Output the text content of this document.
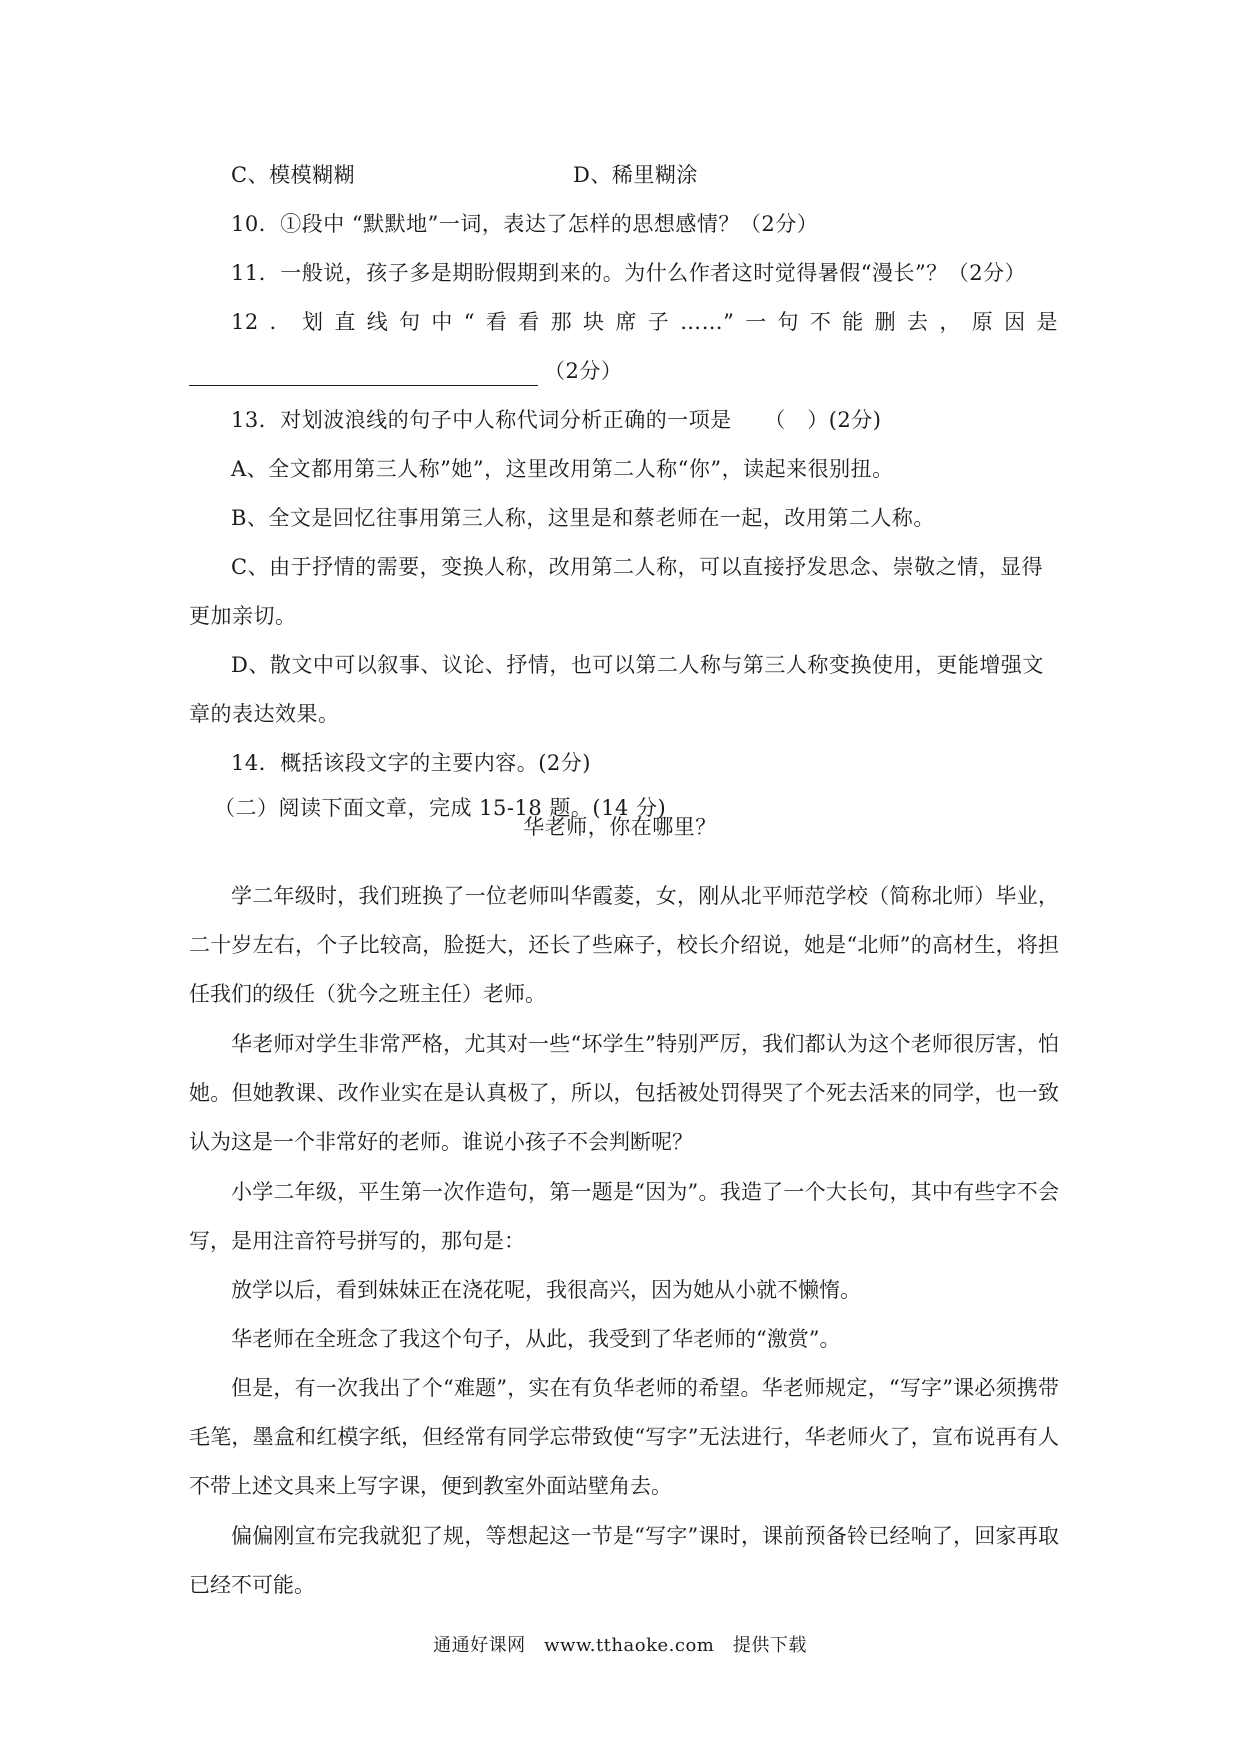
C、模模糊糊	D、稀里糊涂
10．①段中 “默默地”一词，表达了怎样的思想感情？（2分）
11．一般说，孩子多是期盼假期到来的。为什么作者这时觉得暑假“漫长”？（2分）
12．划直线句中“看看那块席子……”一句不能删去，原因是
（2分）
13．对划波浪线的句子中人称代词分析正确的一项是　　（　）(2分)
A、全文都用第三人称”她”，这里改用第二人称“你”，读起来很别扭。
B、全文是回忆往事用第三人称，这里是和蔡老师在一起，改用第二人称。
C、由于抒情的需要，变换人称，改用第二人称，可以直接抒发思念、崇敬之情，显得
更加亲切。
D、散文中可以叙事、议论、抒情，也可以第二人称与第三人称变换使用，更能增强文
章的表达效果。
14．概括该段文字的主要内容。(2分)
（二）阅读下面文章，完成 15-18 题。(14 分)
华老师，你在哪里？
学二年级时，我们班换了一位老师叫华霞菱，女，刚从北平师范学校（简称北师）毕业，二十岁左右，个子比较高，脸挺大，还长了些麻子，校长介绍说，她是“北师”的高材生，将担任我们的级任（犹今之班主任）老师。
华老师对学生非常严格，尤其对一些“坏学生”特别严厉，我们都认为这个老师很厉害，怕她。但她教课、改作业实在是认真极了，所以，包括被处罚得哭了个死去活来的同学，也一致认为这是一个非常好的老师。谁说小孩子不会判断呢？
小学二年级，平生第一次作造句，第一题是“因为”。我造了一个大长句，其中有些字不会写，是用注音符号拼写的，那句是：
放学以后，看到妹妹正在浇花呢，我很高兴，因为她从小就不懒惰。
华老师在全班念了我这个句子，从此，我受到了华老师的“激赏”。
但是，有一次我出了个“难题”，实在有负华老师的希望。华老师规定，“写字”课必须携带毛笔，墨盒和红模字纸，但经常有同学忘带致使“写字”无法进行，华老师火了，宣布说再有人不带上述文具来上写字课，便到教室外面站壁角去。
偏偏刚宣布完我就犯了规，等想起这一节是“写字”课时，课前预备铃已经响了，回家再取已经不可能。
通通好课网　www.tthaoke.com　提供下载
